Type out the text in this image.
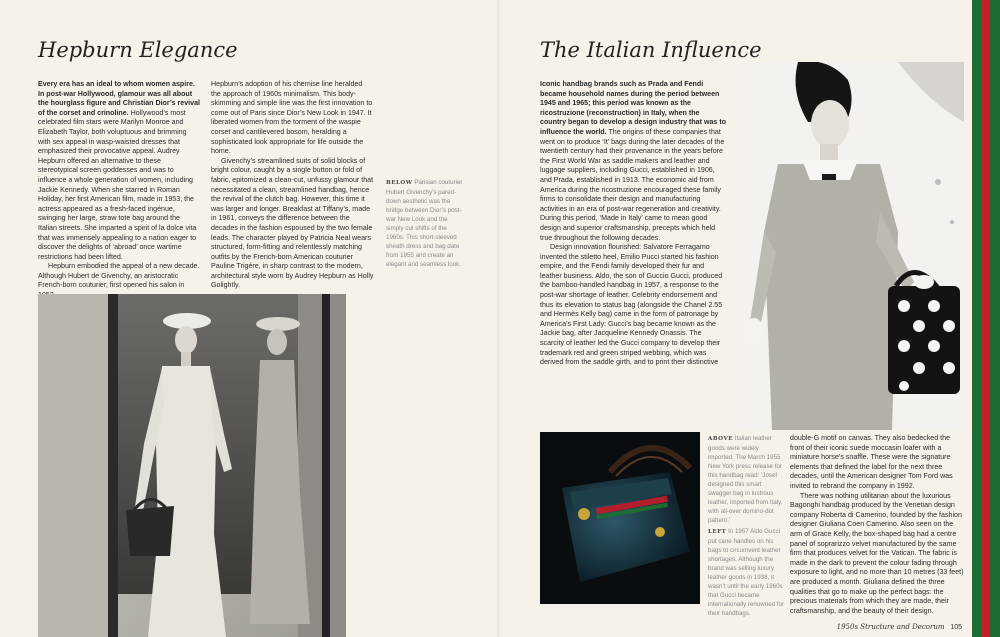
Hepburn Elegance

Every era has an ideal to whom women aspire. In post-war Hollywood, glamour was all about the hourglass figure and Christian Dior’s revival of the corset and crinoline. Hollywood’s most celebrated film stars were Marilyn Monroe and Elizabeth Taylor, both voluptuous and brimming with sex appeal in wasp-waisted dresses that emphasized their provocative appeal. Audrey Hepburn offered an alternative to these stereotypical screen goddesses and was to influence a whole generation of women, including Jackie Kennedy. When she starred in Roman Holiday, her first American film, made in 1953, the actress appeared as a fresh-faced ingénue, swinging her large, straw tote bag around the Italian streets. She imparted a spirit of la dolce vita that was immensely appealing to a nation eager to discover the delights of ‘abroad’ once wartime restrictions had been lifted.

Hepburn embodied the appeal of a new decade. Although Hubert de Givenchy, an aristocratic French-born couturier, first opened his salon in

Hepburn’s adoption of his chemise line heralded the approach of 1960s minimalism. This body-skimming and simple line was the first innovation to come out of Paris since Dior’s New Look in 1947. It liberated women from the torment of the waspie corset and cantilevered bosom, heralding a sophisticated look appropriate for life outside the home.

Givenchy’s streamlined suits of solid blocks of bright colour, caught by a single button or fold of fabric, epitomized a clean-cut, unfussy glamour that necessitated a clean, streamlined handbag, hence the revival of the clutch bag. However, this time it was larger and longer. Breakfast at Tiffany’s, made in 1961, conveys the difference between the decades in the fashion espoused by the two female leads. The character played by Patricia Neal wears structured, form-fitting and relentlessly matching outfits by the French-born American couturier Pauline Trigère, in sharp contrast to the modern, architectural style worn by Audrey Hepburn as Holly Golightly.

BELOW Parisian couturier Hubert Givenchy’s pared-down aesthetic was the bridge between Dior’s post-war New Look and the simply cut shifts of the 1960s. This short-sleeved sheath dress and bag date from 1955 and create an elegant and seamless look.
The Italian Influence

Iconic handbag brands such as Prada and Fendi became household names during the period between 1945 and 1965; this period was known as the ricostruzione (reconstruction) in Italy, when the country began to develop a design industry that was to influence the world. The origins of these companies that went on to produce ‘It’ bags during the later decades of the twentieth century had their provenance in the years before the First World War as saddle makers and leather and luggage suppliers, including Gucci, established in 1906, and Prada, established in 1913. The economic aid from America during the ricostruzione encouraged these family firms to consolidate their design and manufacturing activities in an era of post-war regeneration and creativity. During this period, ‘Made in Italy’ came to mean good design and superior craftsmanship, precepts which held true throughout the following decades.

Design innovation flourished: Salvatore Ferragamo invented the stiletto heel, Emilio Pucci started his fashion empire, and the Fendi family developed their fur and leather business. Aldo, the son of Guccio Gucci, produced the bamboo-handled handbag in 1957, a response to the post-war shortage of leather. Celebrity endorsement and thus its elevation to status bag (alongside the Chanel 2.55 and Hermès Kelly bag) came in the form of patronage by America’s First Lady: Gucci’s bag became known as the Jackie bag, after Jacqueline Kennedy Onassis. The scarcity of leather led the Gucci company to develop their trademark red and green striped webbing, which was derived from the saddle girth, and to print their distinctive

ABOVE Italian leather goods were widely imported. The March 1955 New York press release for this handbag read: ‘Josef designed this smart swagger bag in lustrous leather, imported from Italy, with all-over domino-dot pattern.’
LEFT In 1957 Aldo Gucci put cane handles on his bags to circumvent leather shortages. Although the brand was selling luxury leather goods in 1938, it wasn’t until the early 1960s that Gucci became internationally renowned for their handbags.

double-G motif on canvas. They also bedecked the front of their iconic suede moccasin loafer with a miniature horse’s snaffle. These were the signature elements that defined the label for the next three decades, until the American designer Tom Ford was invited to rebrand the company in 1992.

There was nothing utilitarian about the luxurious Bagonghi handbag produced by the Venetian design company Roberta di Camerino, founded by the fashion designer Giuliana Coen Camerino. Also seen on the arm of Grace Kelly, the box-shaped bag had a centre panel of soprarizzo velvet manufactured by the same firm that produces velvet for the Vatican. The fabric is made in the dark to prevent the colour fading through exposure to light, and no more than 10 metres (33 feet) are produced a month. Giuliana defined the three qualities that go to make up the perfect bags: the precious materials from which they are made, their craftsmanship, and the beauty of their design.

1950s Structure and Decorum 105
